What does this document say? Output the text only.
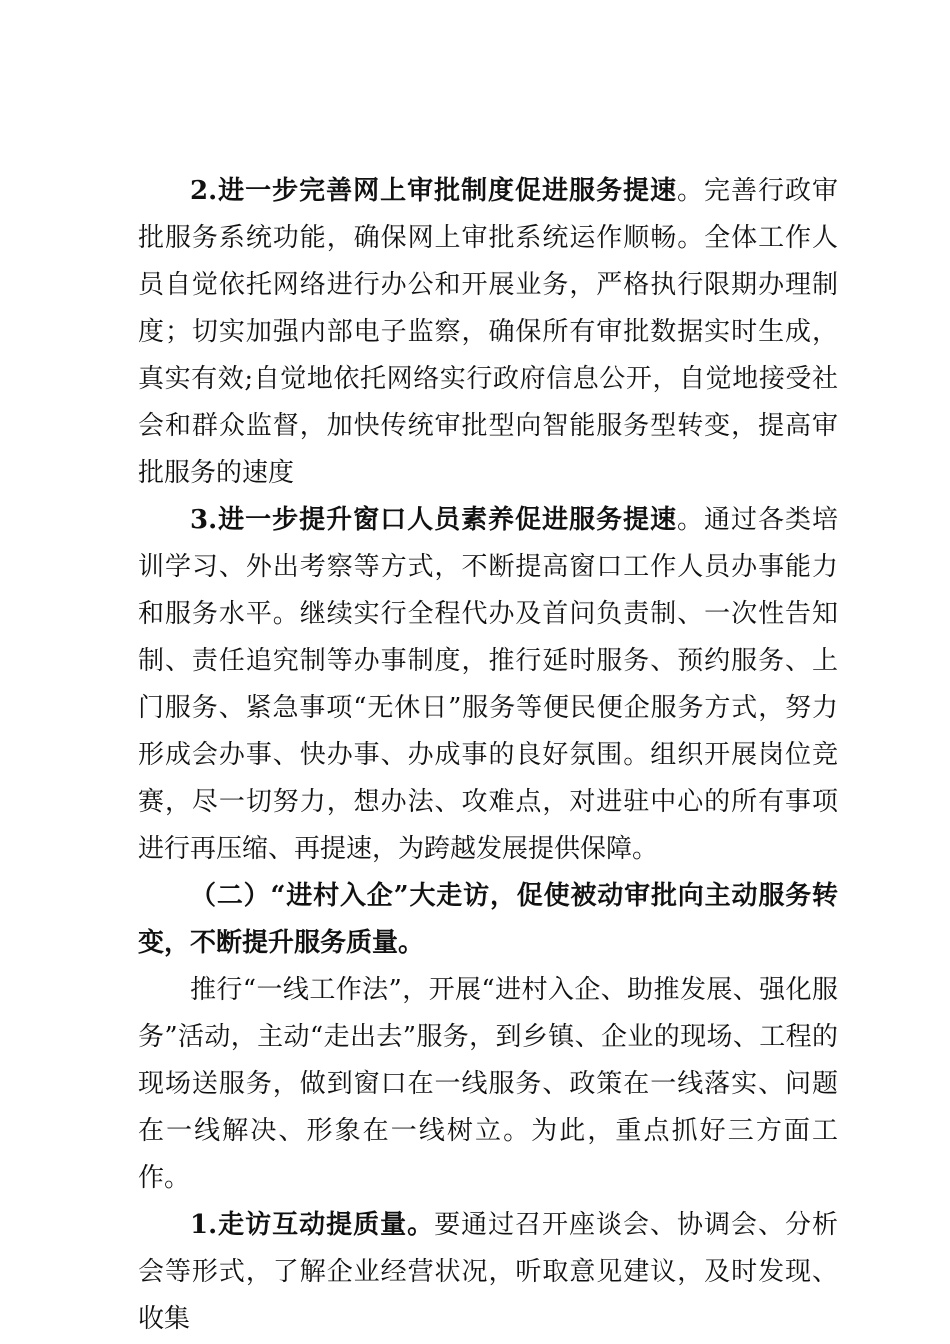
2.进一步完善网上审批制度促进服务提速。完善行政审批服务系统功能，确保网上审批系统运作顺畅。全体工作人员自觉依托网络进行办公和开展业务，严格执行限期办理制度；切实加强内部电子监察，确保所有审批数据实时生成，真实有效;自觉地依托网络实行政府信息公开，自觉地接受社会和群众监督，加快传统审批型向智能服务型转变，提高审批服务的速度

3.进一步提升窗口人员素养促进服务提速。通过各类培训学习、外出考察等方式，不断提高窗口工作人员办事能力和服务水平。继续实行全程代办及首问负责制、一次性告知制、责任追究制等办事制度，推行延时服务、预约服务、上门服务、紧急事项“无休日”服务等便民便企服务方式，努力形成会办事、快办事、办成事的良好氛围。组织开展岗位竞赛，尽一切努力，想办法、攻难点，对进驻中心的所有事项进行再压缩、再提速，为跨越发展提供保障。

（二）“进村入企”大走访，促使被动审批向主动服务转变，不断提升服务质量。

推行“一线工作法”，开展“进村入企、助推发展、强化服务”活动，主动“走出去”服务，到乡镇、企业的现场、工程的现场送服务，做到窗口在一线服务、政策在一线落实、问题在一线解决、形象在一线树立。为此，重点抓好三方面工作。

1.走访互动提质量。要通过召开座谈会、协调会、分析会等形式，了解企业经营状况，听取意见建议，及时发现、收集
